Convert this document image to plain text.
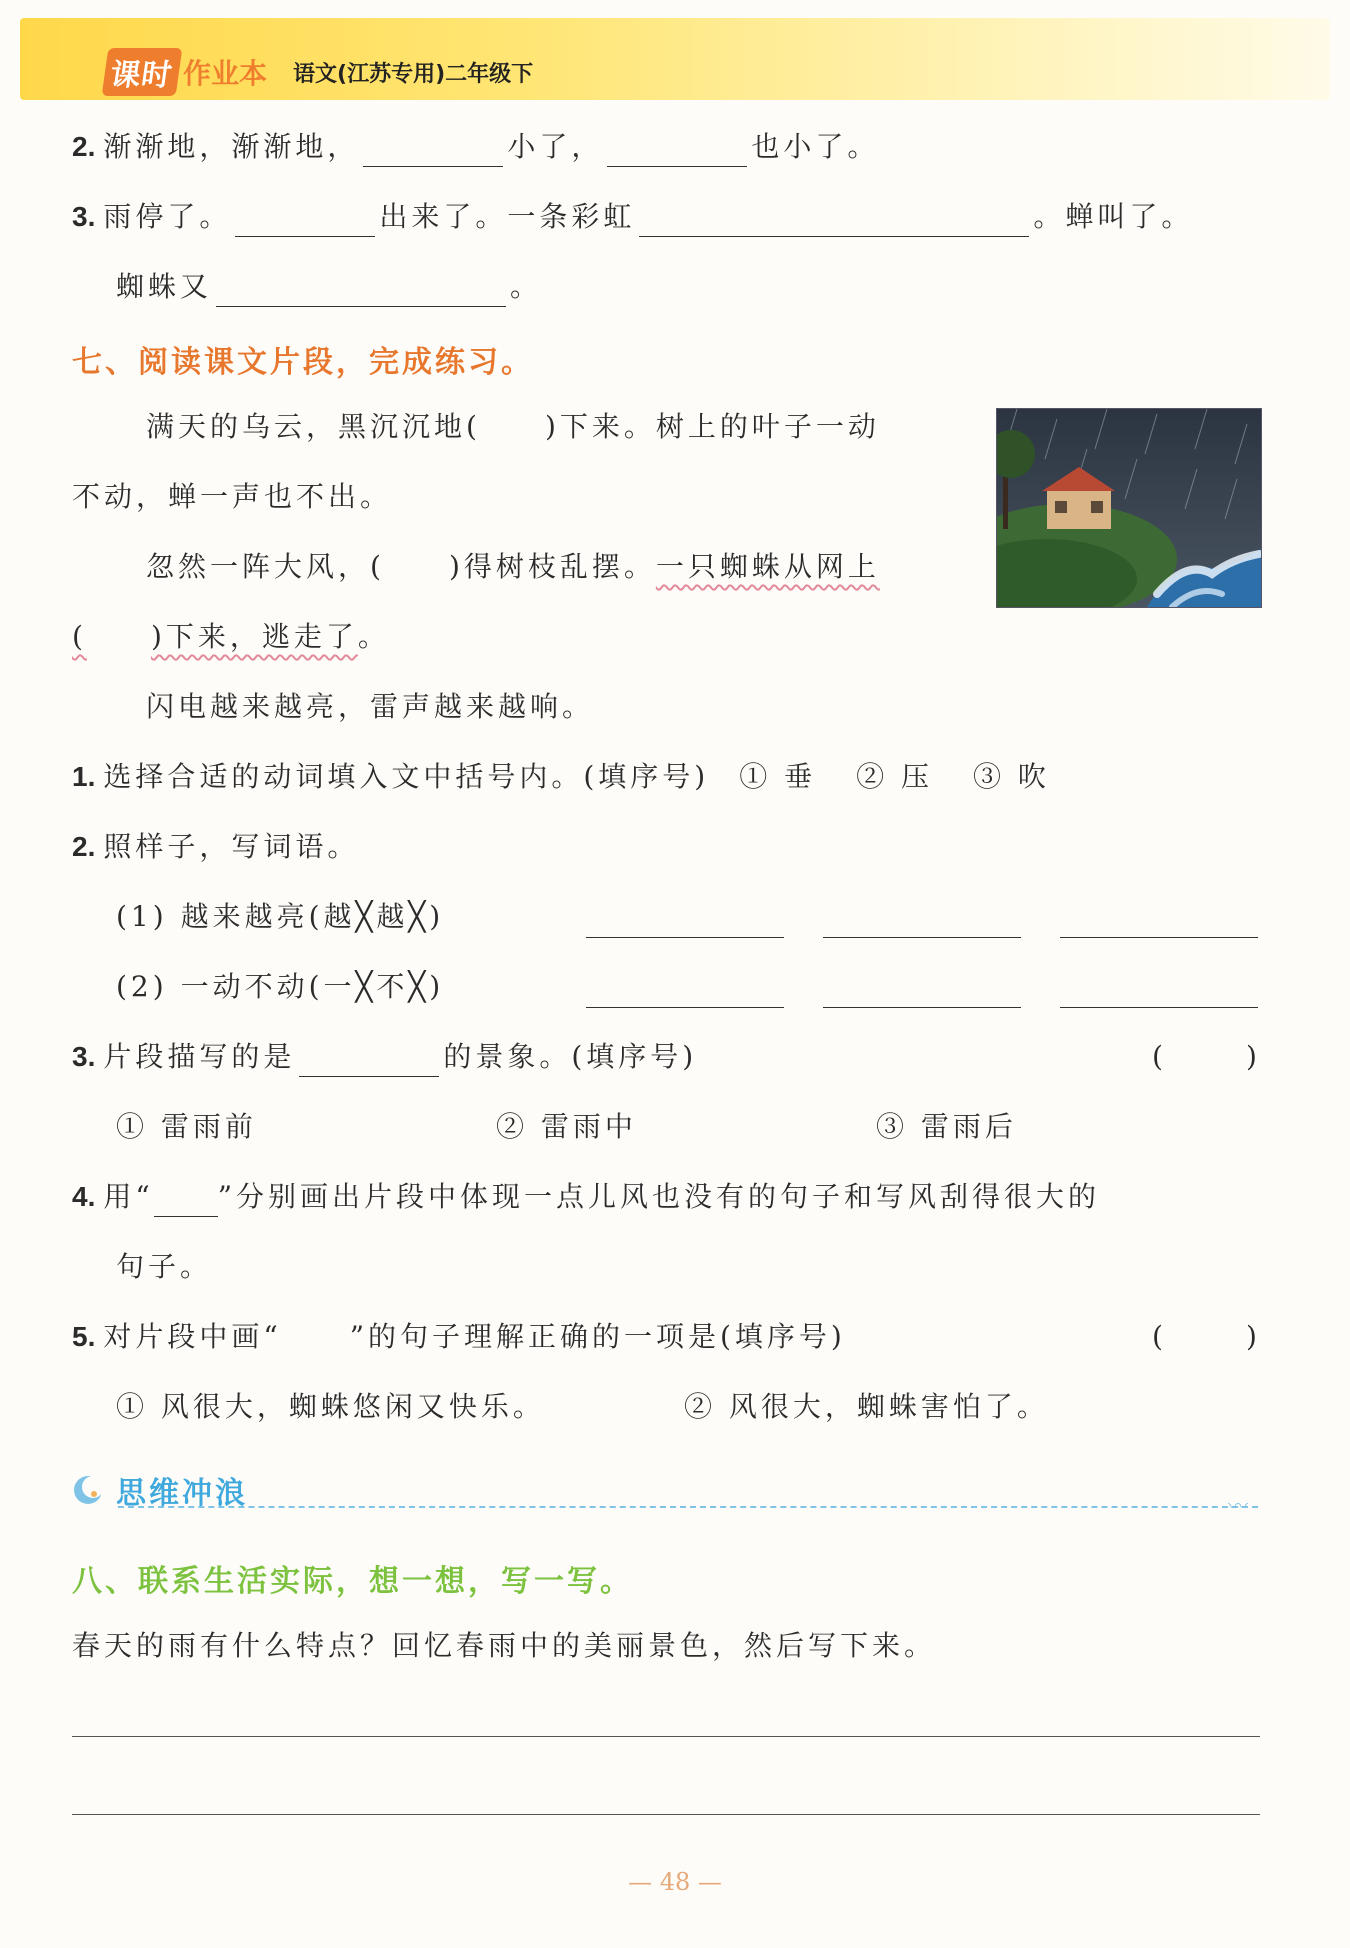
课时 作业本 语文(江苏专用)二年级下
2. 渐渐地，渐渐地，	小了，	也小了。
3. 雨停了。	出来了。一条彩虹	。蝉叫了。
蜘蛛又	。
七、阅读课文片段，完成练习。
满天的乌云，黑沉沉地( )下来。树上的叶子一动
不动，蝉一声也不出。
忽然一阵大风，( )得树枝乱摆。一只蜘蛛从网上
( )下来，逃走了。
闪电越来越亮，雷声越来越响。
1. 选择合适的动词填入文中括号内。(填序号) ① 垂 ② 压 ③ 吹
2. 照样子，写词语。
(1) 越来越亮(越╳越╳)
(2) 一动不动(一╳不╳)
3. 片段描写的是	的景象。(填序号)	(	)
① 雷雨前	② 雷雨中	③ 雷雨后
4. 用“ ”分别画出片段中体现一点儿风也没有的句子和写风刮得很大的
句子。
5. 对片段中画“ ”的句子理解正确的一项是(填序号)	(	)
① 风很大，蜘蛛悠闲又快乐。	② 风很大，蜘蛛害怕了。
思维冲浪	〰
八、联系生活实际，想一想，写一写。
春天的雨有什么特点？回忆春雨中的美丽景色，然后写下来。
— 48 —
